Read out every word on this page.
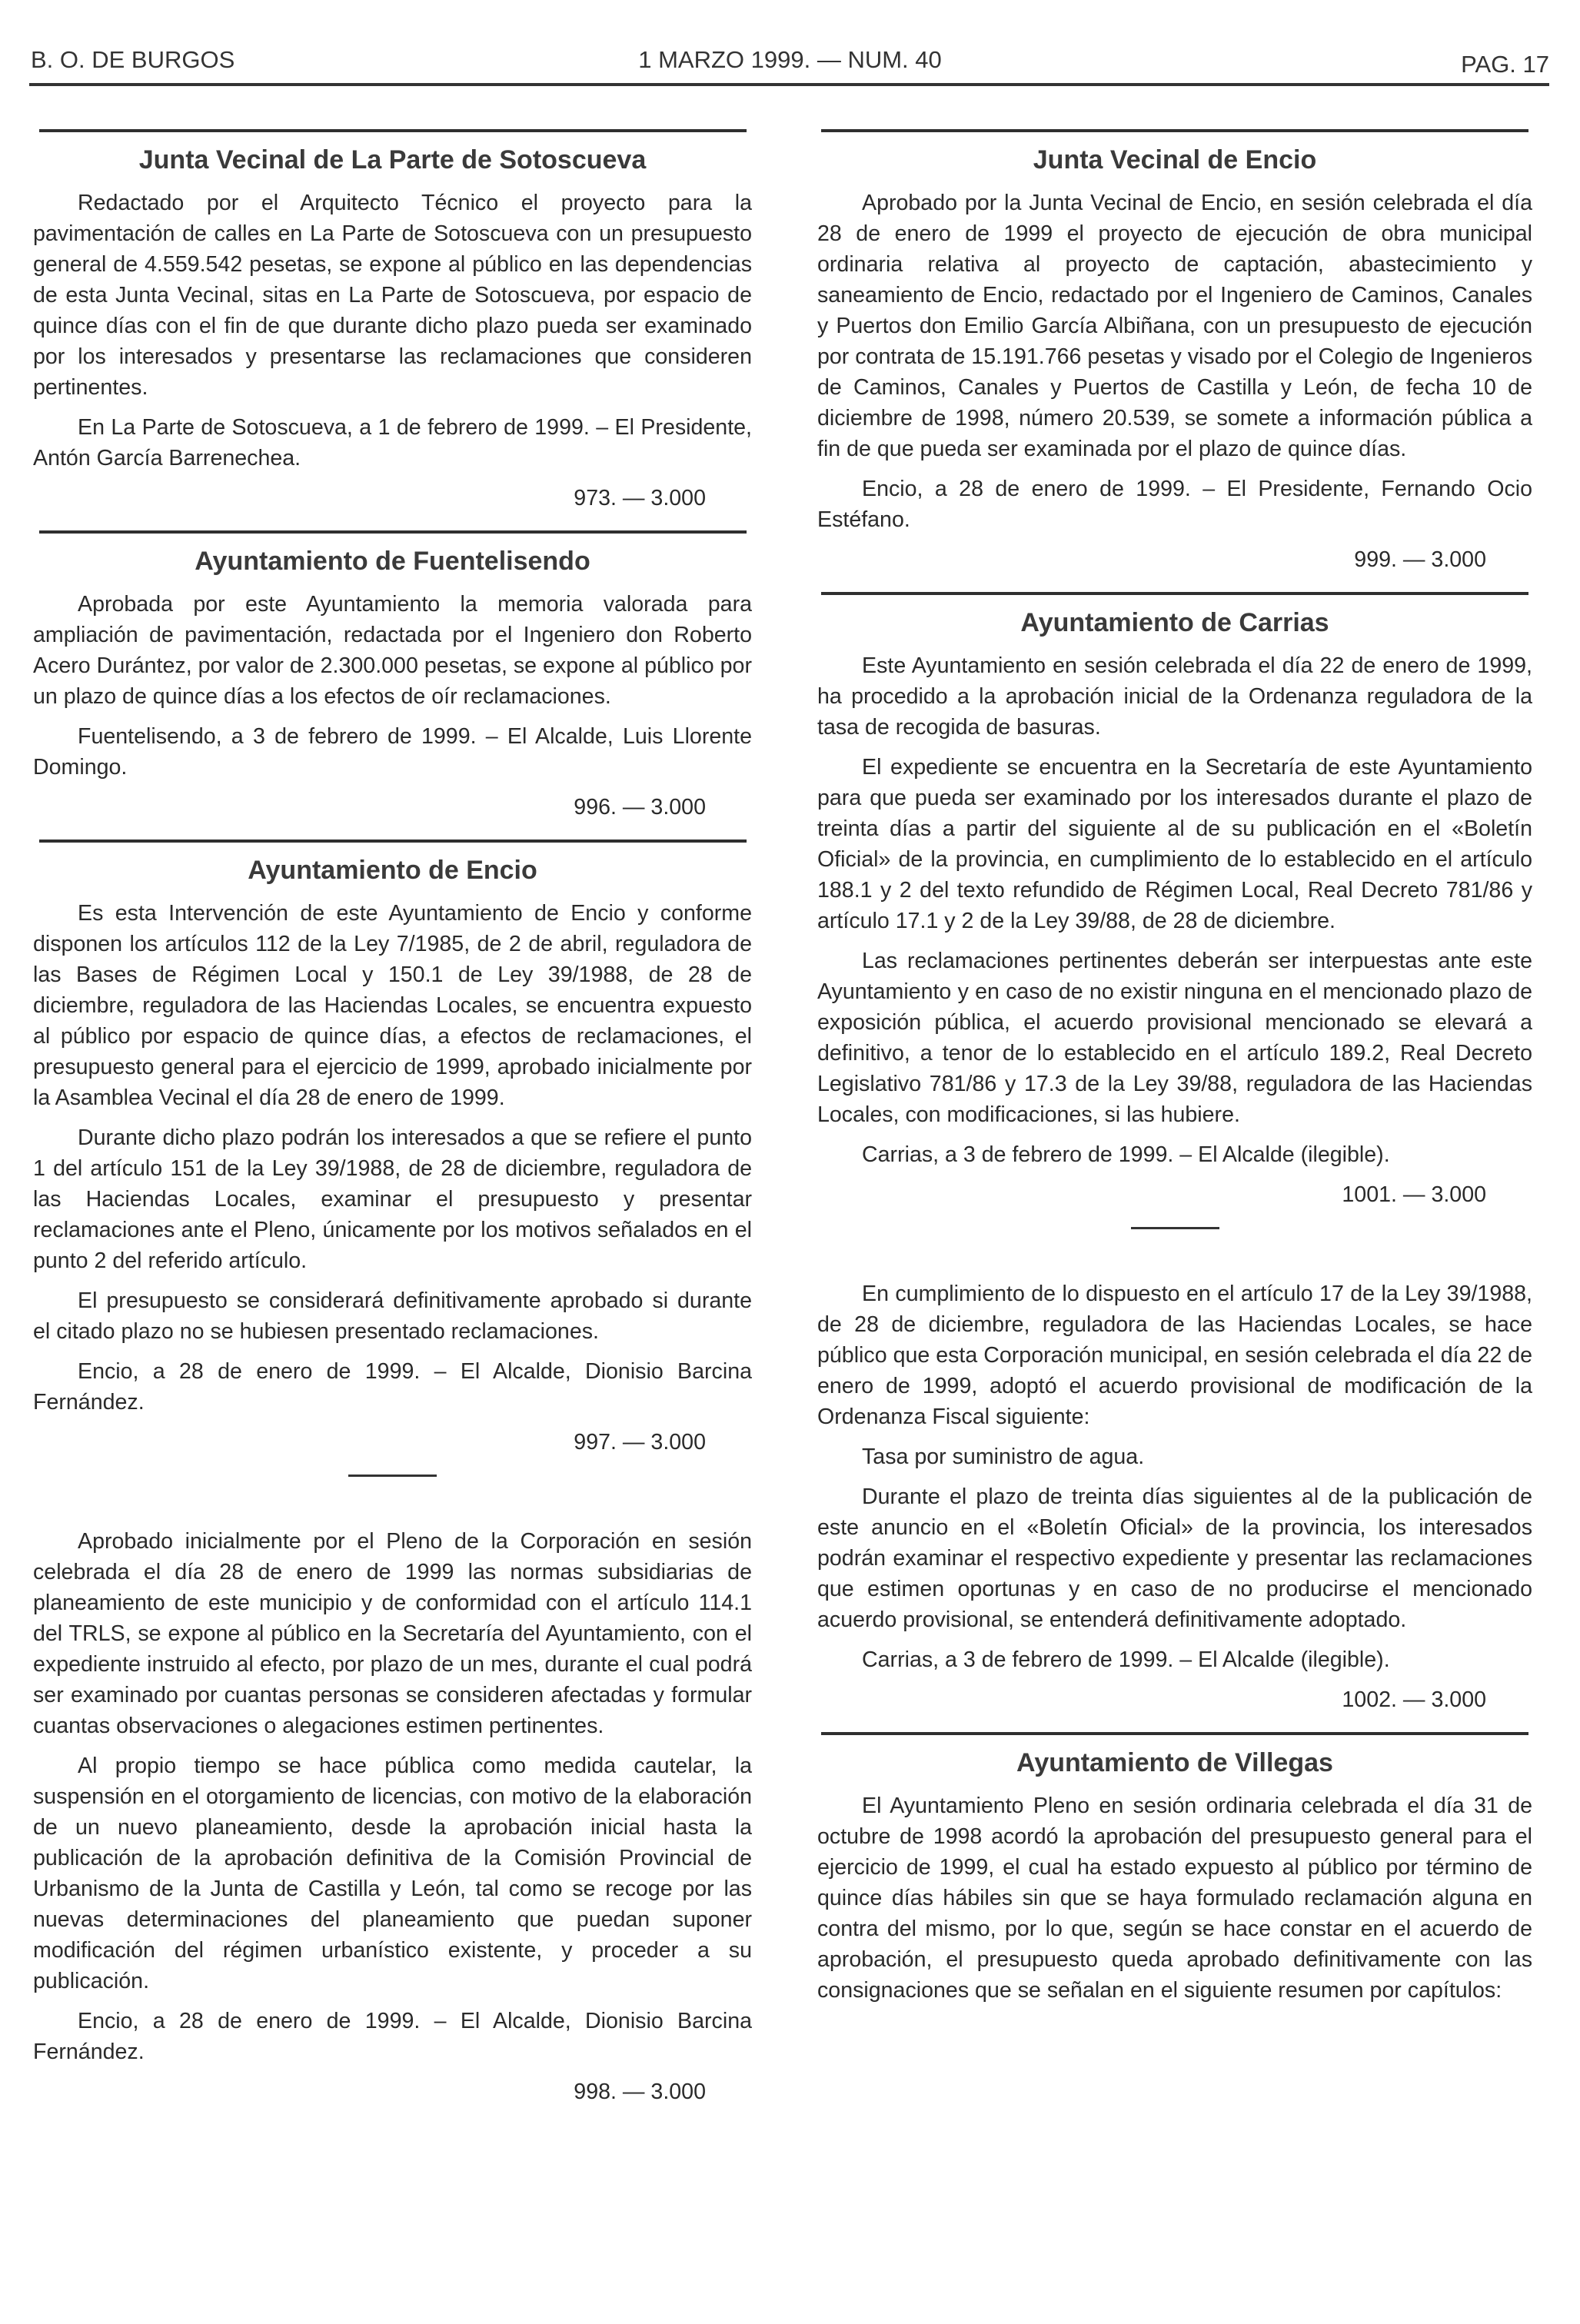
B. O. DE BURGOS	1 MARZO 1999. — NUM. 40	PAG. 17
Junta Vecinal de La Parte de Sotoscueva

Redactado por el Arquitecto Técnico el proyecto para la pavimentación de calles en La Parte de Sotoscueva con un presupuesto general de 4.559.542 pesetas, se expone al público en las dependencias de esta Junta Vecinal, sitas en La Parte de Sotoscueva, por espacio de quince días con el fin de que durante dicho plazo pueda ser examinado por los interesados y presentarse las reclamaciones que consideren pertinentes.

En La Parte de Sotoscueva, a 1 de febrero de 1999. – El Presidente, Antón García Barrenechea.

973. — 3.000
Ayuntamiento de Fuentelisendo

Aprobada por este Ayuntamiento la memoria valorada para ampliación de pavimentación, redactada por el Ingeniero don Roberto Acero Durántez, por valor de 2.300.000 pesetas, se expone al público por un plazo de quince días a los efectos de oír reclamaciones.

Fuentelisendo, a 3 de febrero de 1999. – El Alcalde, Luis Llorente Domingo.

996. — 3.000
Ayuntamiento de Encio

Es esta Intervención de este Ayuntamiento de Encio y conforme disponen los artículos 112 de la Ley 7/1985, de 2 de abril, reguladora de las Bases de Régimen Local y 150.1 de Ley 39/1988, de 28 de diciembre, reguladora de las Haciendas Locales, se encuentra expuesto al público por espacio de quince días, a efectos de reclamaciones, el presupuesto general para el ejercicio de 1999, aprobado inicialmente por la Asamblea Vecinal el día 28 de enero de 1999.

Durante dicho plazo podrán los interesados a que se refiere el punto 1 del artículo 151 de la Ley 39/1988, de 28 de diciembre, reguladora de las Haciendas Locales, examinar el presupuesto y presentar reclamaciones ante el Pleno, únicamente por los motivos señalados en el punto 2 del referido artículo.

El presupuesto se considerará definitivamente aprobado si durante el citado plazo no se hubiesen presentado reclamaciones.

Encio, a 28 de enero de 1999. – El Alcalde, Dionisio Barcina Fernández.

997. — 3.000

Aprobado inicialmente por el Pleno de la Corporación en sesión celebrada el día 28 de enero de 1999 las normas subsidiarias de planeamiento de este municipio y de conformidad con el artículo 114.1 del TRLS, se expone al público en la Secretaría del Ayuntamiento, con el expediente instruido al efecto, por plazo de un mes, durante el cual podrá ser examinado por cuantas personas se consideren afectadas y formular cuantas observaciones o alegaciones estimen pertinentes.

Al propio tiempo se hace pública como medida cautelar, la suspensión en el otorgamiento de licencias, con motivo de la elaboración de un nuevo planeamiento, desde la aprobación inicial hasta la publicación de la aprobación definitiva de la Comisión Provincial de Urbanismo de la Junta de Castilla y León, tal como se recoge por las nuevas determinaciones del planeamiento que puedan suponer modificación del régimen urbanístico existente, y proceder a su publicación.

Encio, a 28 de enero de 1999. – El Alcalde, Dionisio Barcina Fernández.

998. — 3.000
Junta Vecinal de Encio

Aprobado por la Junta Vecinal de Encio, en sesión celebrada el día 28 de enero de 1999 el proyecto de ejecución de obra municipal ordinaria relativa al proyecto de captación, abastecimiento y saneamiento de Encio, redactado por el Ingeniero de Caminos, Canales y Puertos don Emilio García Albiñana, con un presupuesto de ejecución por contrata de 15.191.766 pesetas y visado por el Colegio de Ingenieros de Caminos, Canales y Puertos de Castilla y León, de fecha 10 de diciembre de 1998, número 20.539, se somete a información pública a fin de que pueda ser examinada por el plazo de quince días.

Encio, a 28 de enero de 1999. – El Presidente, Fernando Ocio Estéfano.

999. — 3.000
Ayuntamiento de Carrias

Este Ayuntamiento en sesión celebrada el día 22 de enero de 1999, ha procedido a la aprobación inicial de la Ordenanza reguladora de la tasa de recogida de basuras.

El expediente se encuentra en la Secretaría de este Ayuntamiento para que pueda ser examinado por los interesados durante el plazo de treinta días a partir del siguiente al de su publicación en el «Boletín Oficial» de la provincia, en cumplimiento de lo establecido en el artículo 188.1 y 2 del texto refundido de Régimen Local, Real Decreto 781/86 y artículo 17.1 y 2 de la Ley 39/88, de 28 de diciembre.

Las reclamaciones pertinentes deberán ser interpuestas ante este Ayuntamiento y en caso de no existir ninguna en el mencionado plazo de exposición pública, el acuerdo provisional mencionado se elevará a definitivo, a tenor de lo establecido en el artículo 189.2, Real Decreto Legislativo 781/86 y 17.3 de la Ley 39/88, reguladora de las Haciendas Locales, con modificaciones, si las hubiere.

Carrias, a 3 de febrero de 1999. – El Alcalde (ilegible).

1001. — 3.000

En cumplimiento de lo dispuesto en el artículo 17 de la Ley 39/1988, de 28 de diciembre, reguladora de las Haciendas Locales, se hace público que esta Corporación municipal, en sesión celebrada el día 22 de enero de 1999, adoptó el acuerdo provisional de modificación de la Ordenanza Fiscal siguiente:

Tasa por suministro de agua.

Durante el plazo de treinta días siguientes al de la publicación de este anuncio en el «Boletín Oficial» de la provincia, los interesados podrán examinar el respectivo expediente y presentar las reclamaciones que estimen oportunas y en caso de no producirse el mencionado acuerdo provisional, se entenderá definitivamente adoptado.

Carrias, a 3 de febrero de 1999. – El Alcalde (ilegible).

1002. — 3.000
Ayuntamiento de Villegas

El Ayuntamiento Pleno en sesión ordinaria celebrada el día 31 de octubre de 1998 acordó la aprobación del presupuesto general para el ejercicio de 1999, el cual ha estado expuesto al público por término de quince días hábiles sin que se haya formulado reclamación alguna en contra del mismo, por lo que, según se hace constar en el acuerdo de aprobación, el presupuesto queda aprobado definitivamente con las consignaciones que se señalan en el siguiente resumen por capítulos:
